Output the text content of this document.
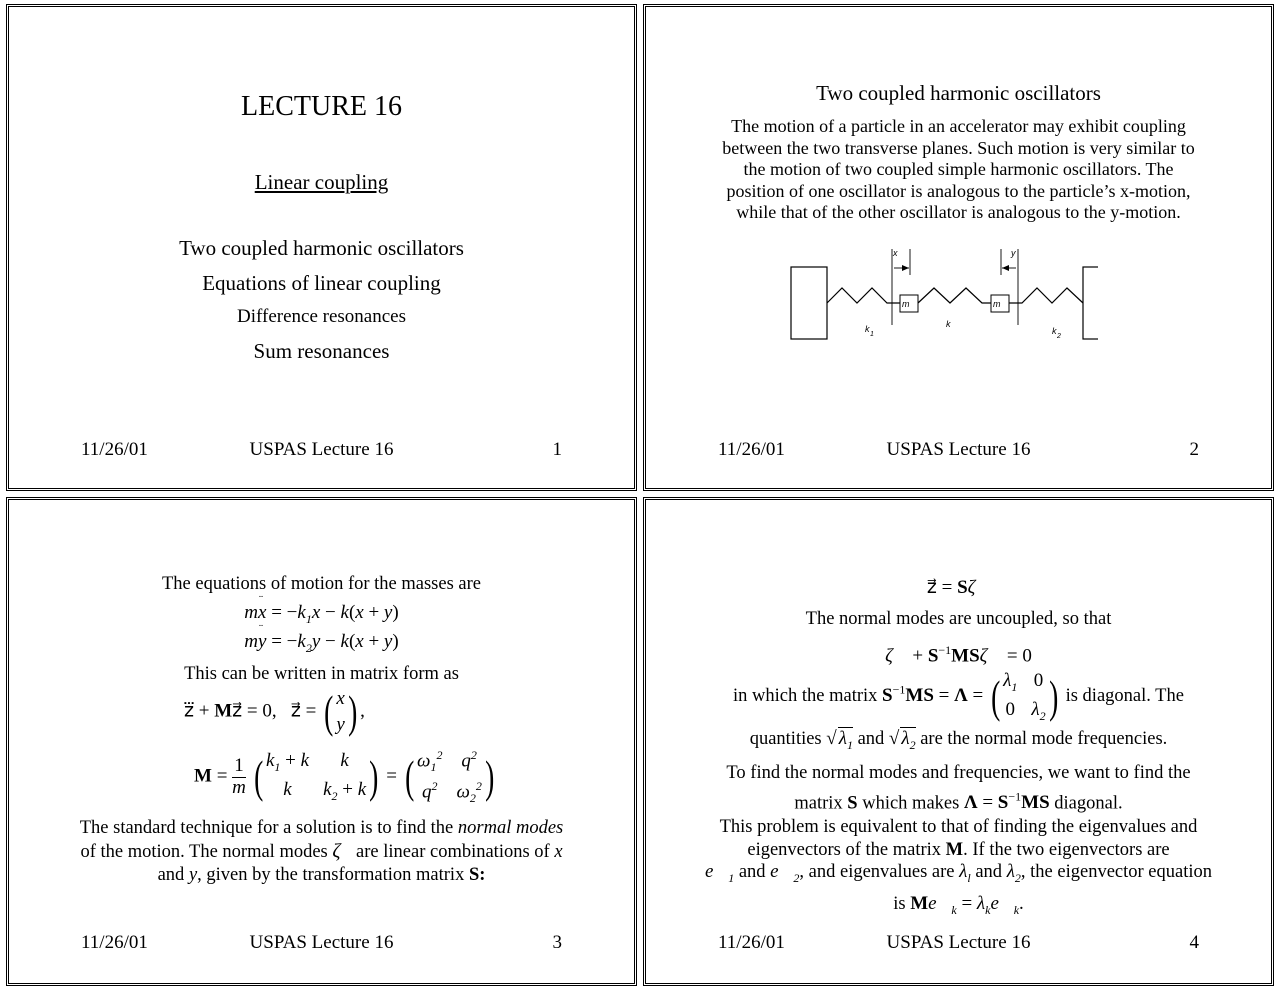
LECTURE 16
Linear coupling
Two coupled harmonic oscillators
Equations of linear coupling
Difference resonances
Sum resonances
11/26/01	USPAS Lecture 16	1
Two coupled harmonic oscillators
The motion of a particle in an accelerator may exhibit coupling
between the two transverse planes. Such motion is very similar to
the motion of two coupled simple harmonic oscillators. The
position of one oscillator is analogous to the particle’s x-motion,
while that of the other oscillator is analogous to the y-motion.
x
m	m
y
k
1
k
k
2
11/26/01	USPAS Lecture 16	2
The equations of motion for the masses are
mx
¨
= $-k_1x - k(x + y)$
my
¨
= $-k_2y - k(x + y)$
This can be written in matrix form as
z⃛ + Mz⃗ = 0, z⃗ = ( x
y ) ,
$M = \frac{1}{m}$
( $k_1 + k$	k
k	$k_2 + k$ ) = ( $\omega_1^2$ $q^2$
$q^2$ $\omega_2^2$ )
The standard technique for a solution is to find the normal modes
of the motion. The normal modes ζ⃗are linear combinations of x
and y, given by the transformation matrix S:
11/26/01	USPAS Lecture 16	3
z⃗ = Sζ⃗
The normal modes are uncoupled, so that
ζ⃛ + $S^{-1}MS\zeta⃗ = 0$
in which the matrix $S^{-1}MS = \Lambda$ = ( $\lambda_1$ 0
0 $\lambda_2$ ) is diagonal. The
quantities √ $\lambda_1$ and √ $\lambda_2$ are the normal mode frequencies.
To find the normal modes and frequencies, we want to find the
matrix S which makes $\Lambda = S^{-1}MS$ diagonal.
This problem is equivalent to that of finding the eigenvalues and
eigenvectors of the matrix M. If the two eigenvectors are
$e⃗_1$ and $e⃗_2$, and eigenvalues are $\lambda_l$ and $\lambda_2$, the eigenvector equation
is $Me⃗_k$ = $\lambda_ke⃗_k$.
11/26/01	USPAS Lecture 16	4
